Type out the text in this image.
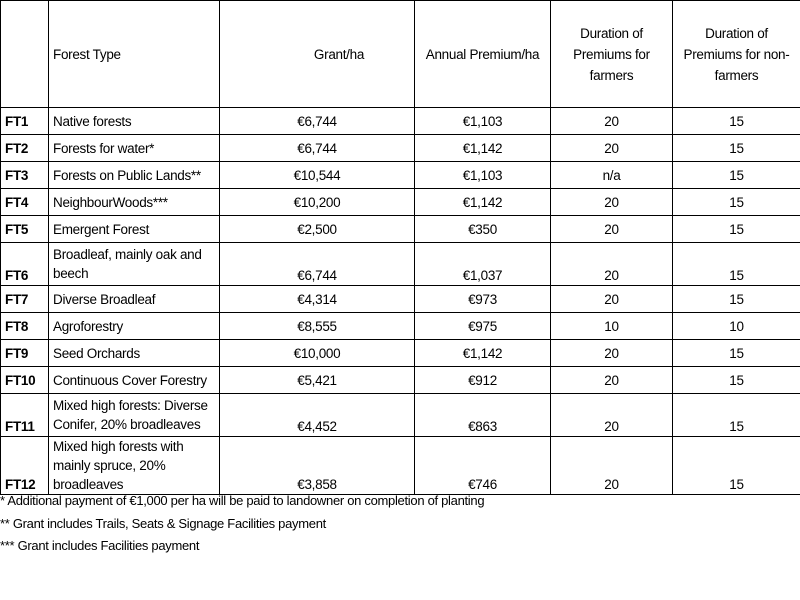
	Forest Type	Grant/ha	Annual Premium/ha	Duration of Premiums for farmers	Duration of Premiums for non-farmers
FT1	Native forests	€6,744	€1,103	20	15
FT2	Forests for water*	€6,744	€1,142	20	15
FT3	Forests on Public Lands**	€10,544	€1,103	n/a	15
FT4	NeighbourWoods***	€10,200	€1,142	20	15
FT5	Emergent Forest	€2,500	€350	20	15
FT6	Broadleaf, mainly oak and beech	€6,744	€1,037	20	15
FT7	Diverse Broadleaf	€4,314	€973	20	15
FT8	Agroforestry	€8,555	€975	10	10
FT9	Seed Orchards	€10,000	€1,142	20	15
FT10	Continuous Cover Forestry	€5,421	€912	20	15
FT11	Mixed high forests: Diverse Conifer, 20% broadleaves	€4,452	€863	20	15
FT12	Mixed high forests with mainly spruce, 20% broadleaves	€3,858	€746	20	15
* Additional payment of €1,000 per ha will be paid to landowner on completion of planting
** Grant includes Trails, Seats & Signage Facilities payment
*** Grant includes Facilities payment
